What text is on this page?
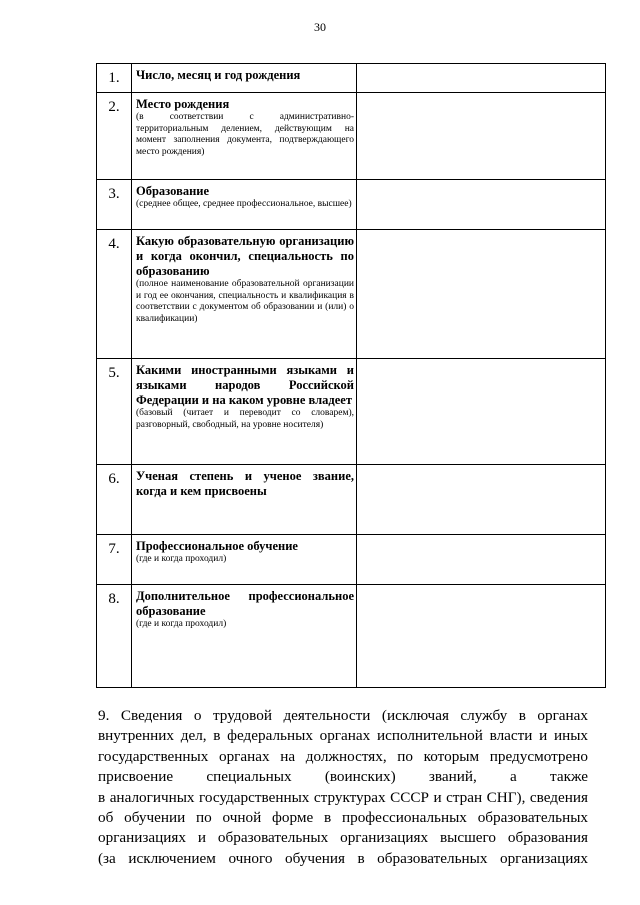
30
1.	Число, месяц и год рождения	

2.	Место рождения
(в соответствии с административно-территориальным делением, действующим на момент заполнения документа, подтверждающего место рождения)	

3.	Образование
(среднее общее, среднее профессиональное, высшее)	

4.	Какую образовательную организацию и когда окончил, специальность по образованию
(полное наименование образовательной организации и год ее окончания, специальность и квалификация в соответствии с документом об образовании и (или) о квалификации)	

5.	Какими иностранными языками и языками народов Российской Федерации и на каком уровне владеет
(базовый (читает и переводит со словарем), разговорный, свободный, на уровне носителя)	

6.	Ученая степень и ученое звание, когда и кем присвоены	

7.	Профессиональное обучение
(где и когда проходил)	

8.	Дополнительное профессиональное образование
(где и когда проходил)	

9. Сведения о трудовой деятельности (исключая службу в органах
внутренних дел, в федеральных органах исполнительной власти и иных
государственных органах на должностях, по которым предусмотрено
присвоение специальных (воинских) званий, а также
в аналогичных государственных структурах СССР и стран СНГ), сведения
об обучении по очной форме в профессиональных образовательных
организациях и образовательных организациях высшего образования
(за исключением очного обучения в образовательных организациях
